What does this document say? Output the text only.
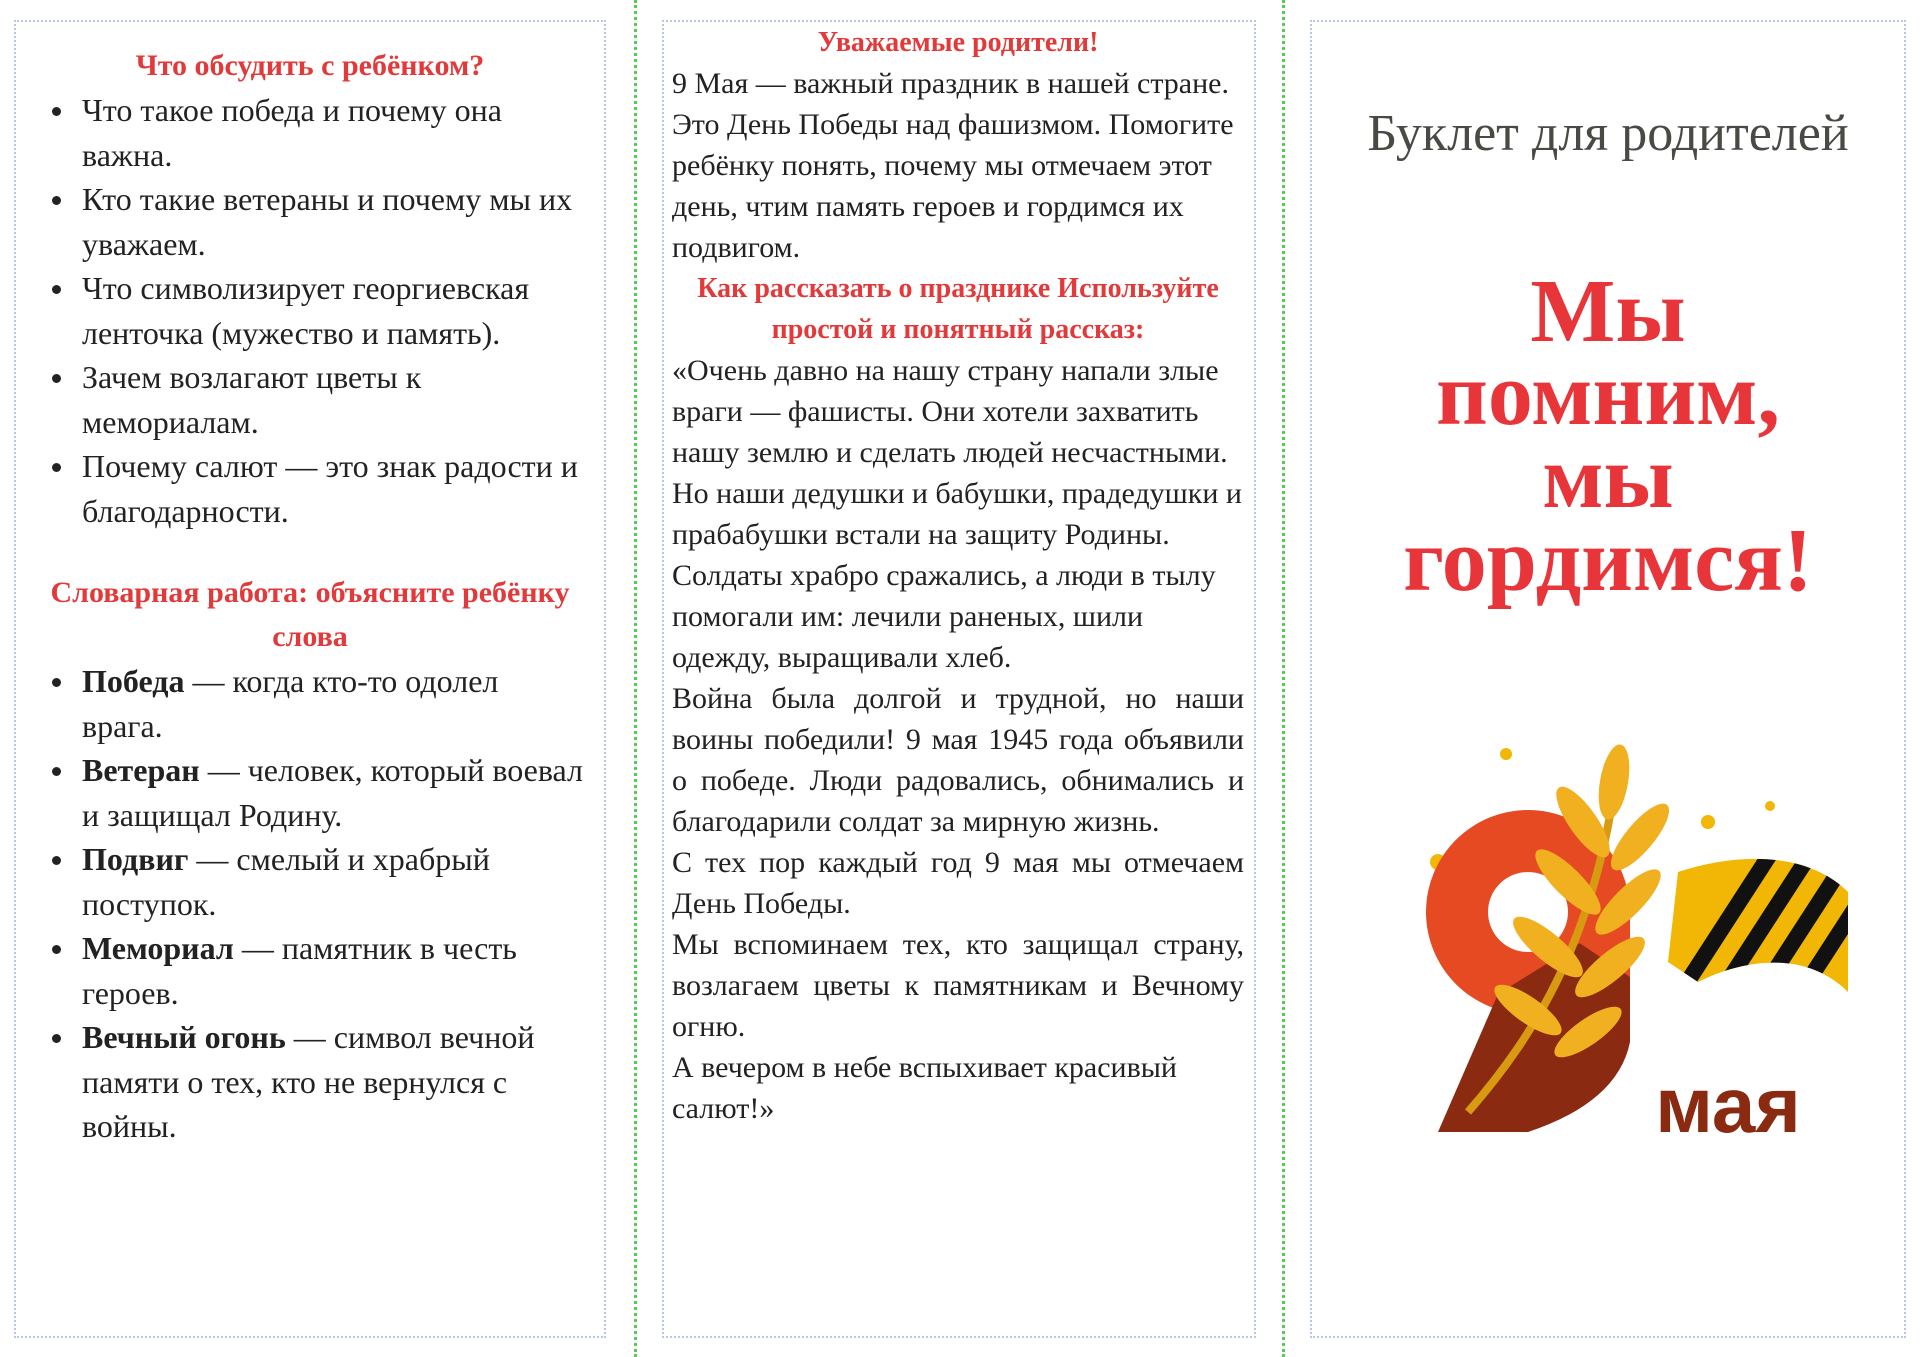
Что обсудить с ребёнком?
Что такое победа и почему она важна.
Кто такие ветераны и почему мы их уважаем.
Что символизирует георгиевская ленточка (мужество и память).
Зачем возлагают цветы к мемориалам.
Почему салют — это знак радости и благодарности.
Словарная работа: объясните ребёнку слова
Победа — когда кто-то одолел врага.
Ветеран — человек, который воевал и защищал Родину.
Подвиг — смелый и храбрый поступок.
Мемориал — памятник в честь героев.
Вечный огонь — символ вечной памяти о тех, кто не вернулся с войны.
Уважаемые родители!

9 Мая — важный праздник в нашей стране. Это День Победы над фашизмом. Помогите ребёнку понять, почему мы отмечаем этот день, чтим память героев и гордимся их подвигом.

Как рассказать о празднике Используйте простой и понятный рассказ:

«Очень давно на нашу страну напали злые враги — фашисты. Они хотели захватить нашу землю и сделать людей несчастными. Но наши дедушки и бабушки, прадедушки и прабабушки встали на защиту Родины. Солдаты храбро сражались, а люди в тылу помогали им: лечили раненых, шили одежду, выращивали хлеб.

Война была долгой и трудной, но наши воины победили! 9 мая 1945 года объявили о победе. Люди радовались, обнимались и благодарили солдат за мирную жизнь.

С тех пор каждый год 9 мая мы отмечаем День Победы.

Мы вспоминаем тех, кто защищал страну, возлагаем цветы к памятникам и Вечному огню.

А вечером в небе вспыхивает красивый салют!»

Буклет для родителей
Мы
помним,
мы
гордимся!
9
мая
